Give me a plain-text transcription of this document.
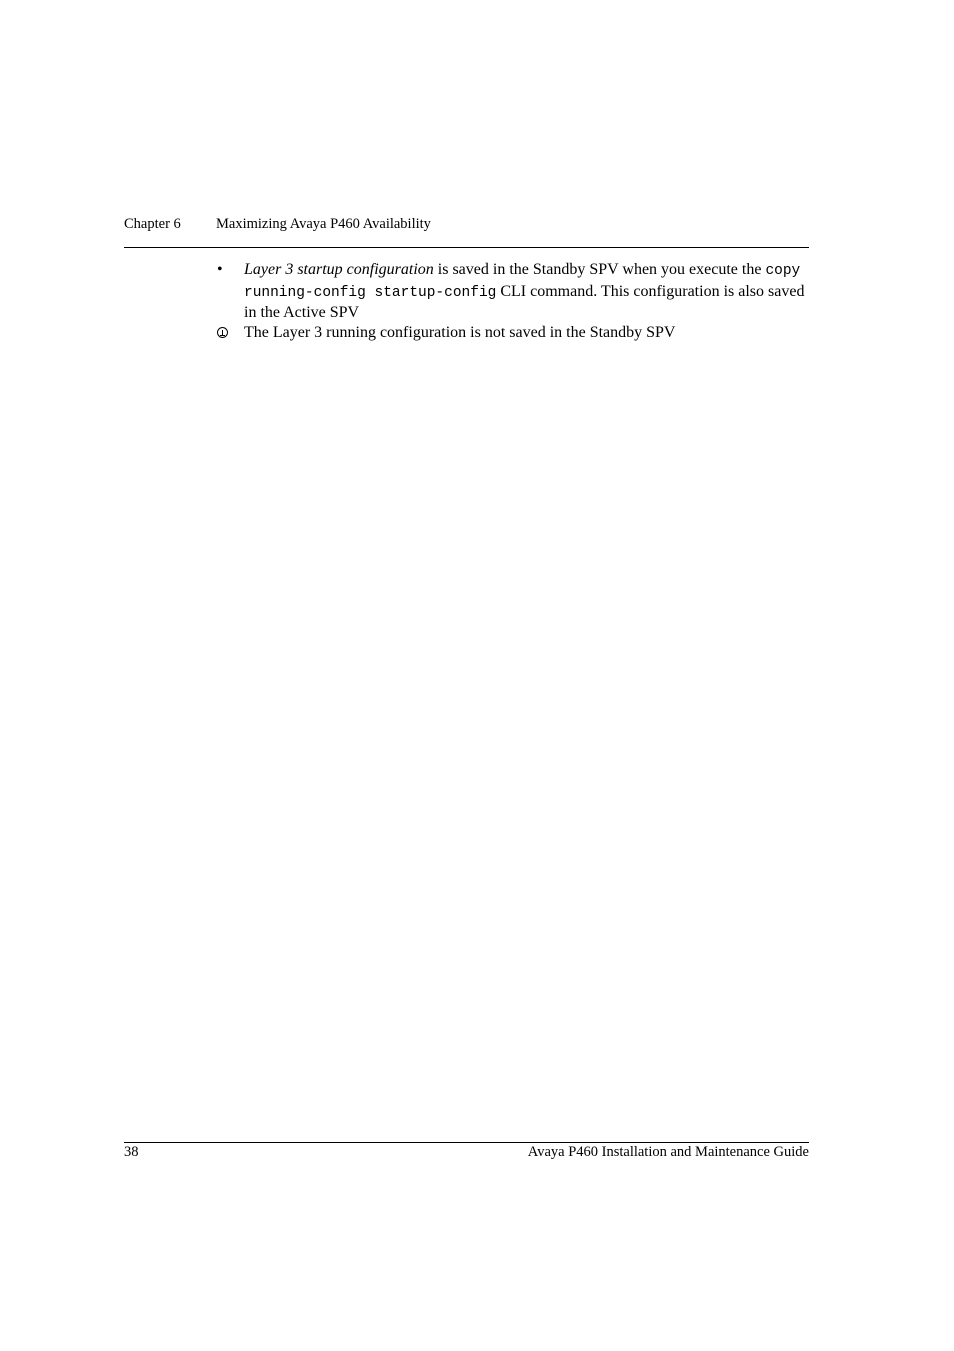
Chapter 6 Maximizing Avaya P460 Availability
•	Layer 3 startup configuration is saved in the Standby SPV when you execute the copy running-config startup-config CLI command. This configuration is also saved in the Active SPV
The Layer 3 running configuration is not saved in the Standby SPV
38	Avaya P460 Installation and Maintenance Guide
